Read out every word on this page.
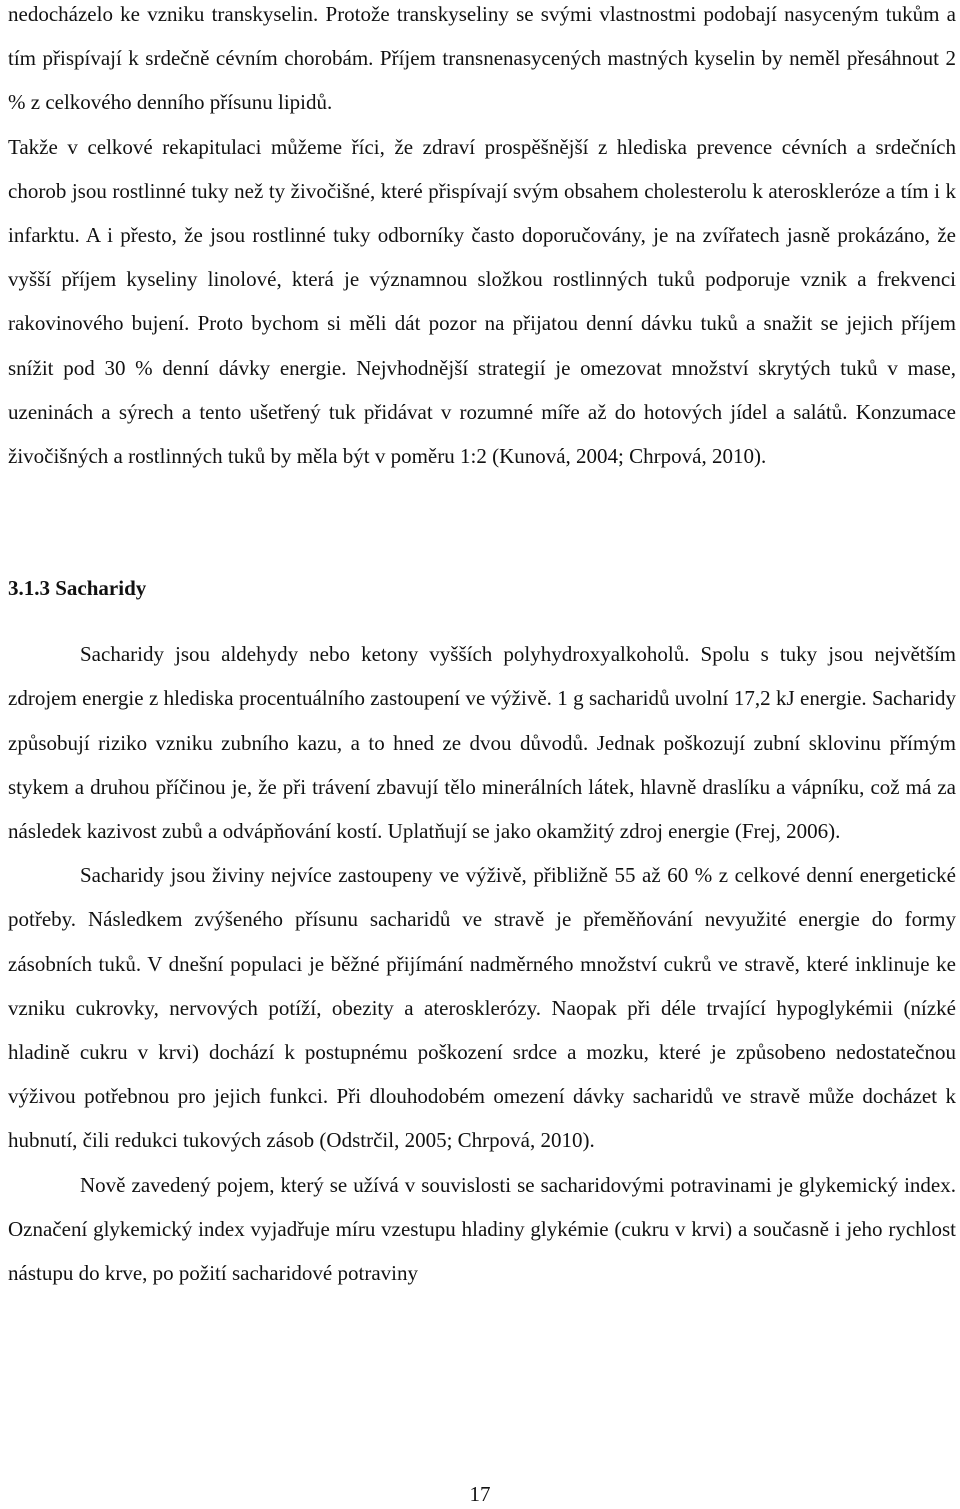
nedocházelo ke vzniku transkyselin. Protože transkyseliny se svými vlastnostmi podobají nasyceným tukům a tím přispívají k srdečně cévním chorobám. Příjem transnenasycených mastných kyselin by neměl přesáhnout 2 % z celkového denního přísunu lipidů.

Takže v celkové rekapitulaci můžeme říci, že zdraví prospěšnější z hlediska prevence cévních a srdečních chorob jsou rostlinné tuky než ty živočišné, které přispívají svým obsahem cholesterolu k ateroskleróze a tím i k infarktu. A i přesto, že jsou rostlinné tuky odborníky často doporučovány, je na zvířatech jasně prokázáno, že vyšší příjem kyseliny linolové, která je významnou složkou rostlinných tuků podporuje vznik a frekvenci rakovinového bujení. Proto bychom si měli dát pozor na přijatou denní dávku tuků a snažit se jejich příjem snížit pod 30 % denní dávky energie. Nejvhodnější strategií je omezovat množství skrytých tuků v mase, uzeninách a sýrech a tento ušetřený tuk přidávat v rozumné míře až do hotových jídel a salátů. Konzumace živočišných a rostlinných tuků by měla být v poměru 1:2 (Kunová, 2004; Chrpová, 2010).

3.1.3 Sacharidy

Sacharidy jsou aldehydy nebo ketony vyšších polyhydroxyalkoholů. Spolu s tuky jsou největším zdrojem energie z hlediska procentuálního zastoupení ve výživě. 1 g sacharidů uvolní 17,2 kJ energie. Sacharidy způsobují riziko vzniku zubního kazu, a to hned ze dvou důvodů. Jednak poškozují zubní sklovinu přímým stykem a druhou příčinou je, že při trávení zbavují tělo minerálních látek, hlavně draslíku a vápníku, což má za následek kazivost zubů a odvápňování kostí. Uplatňují se jako okamžitý zdroj energie (Frej, 2006).

Sacharidy jsou živiny nejvíce zastoupeny ve výživě, přibližně 55 až 60 % z celkové denní energetické potřeby. Následkem zvýšeného přísunu sacharidů ve stravě je přeměňování nevyužité energie do formy zásobních tuků. V dnešní populaci je běžné přijímání nadměrného množství cukrů ve stravě, které inklinuje ke vzniku cukrovky, nervových potíží, obezity a aterosklerózy. Naopak při déle trvající hypoglykémii (nízké hladině cukru v krvi) dochází k postupnému poškození srdce a mozku, které je způsobeno nedostatečnou výživou potřebnou pro jejich funkci. Při dlouhodobém omezení dávky sacharidů ve stravě může docházet k hubnutí, čili redukci tukových zásob (Odstrčil, 2005; Chrpová, 2010).

Nově zavedený pojem, který se užívá v souvislosti se sacharidovými potravinami je glykemický index. Označení glykemický index vyjadřuje míru vzestupu hladiny glykémie (cukru v krvi) a současně i jeho rychlost nástupu do krve, po požití sacharidové potraviny

17
